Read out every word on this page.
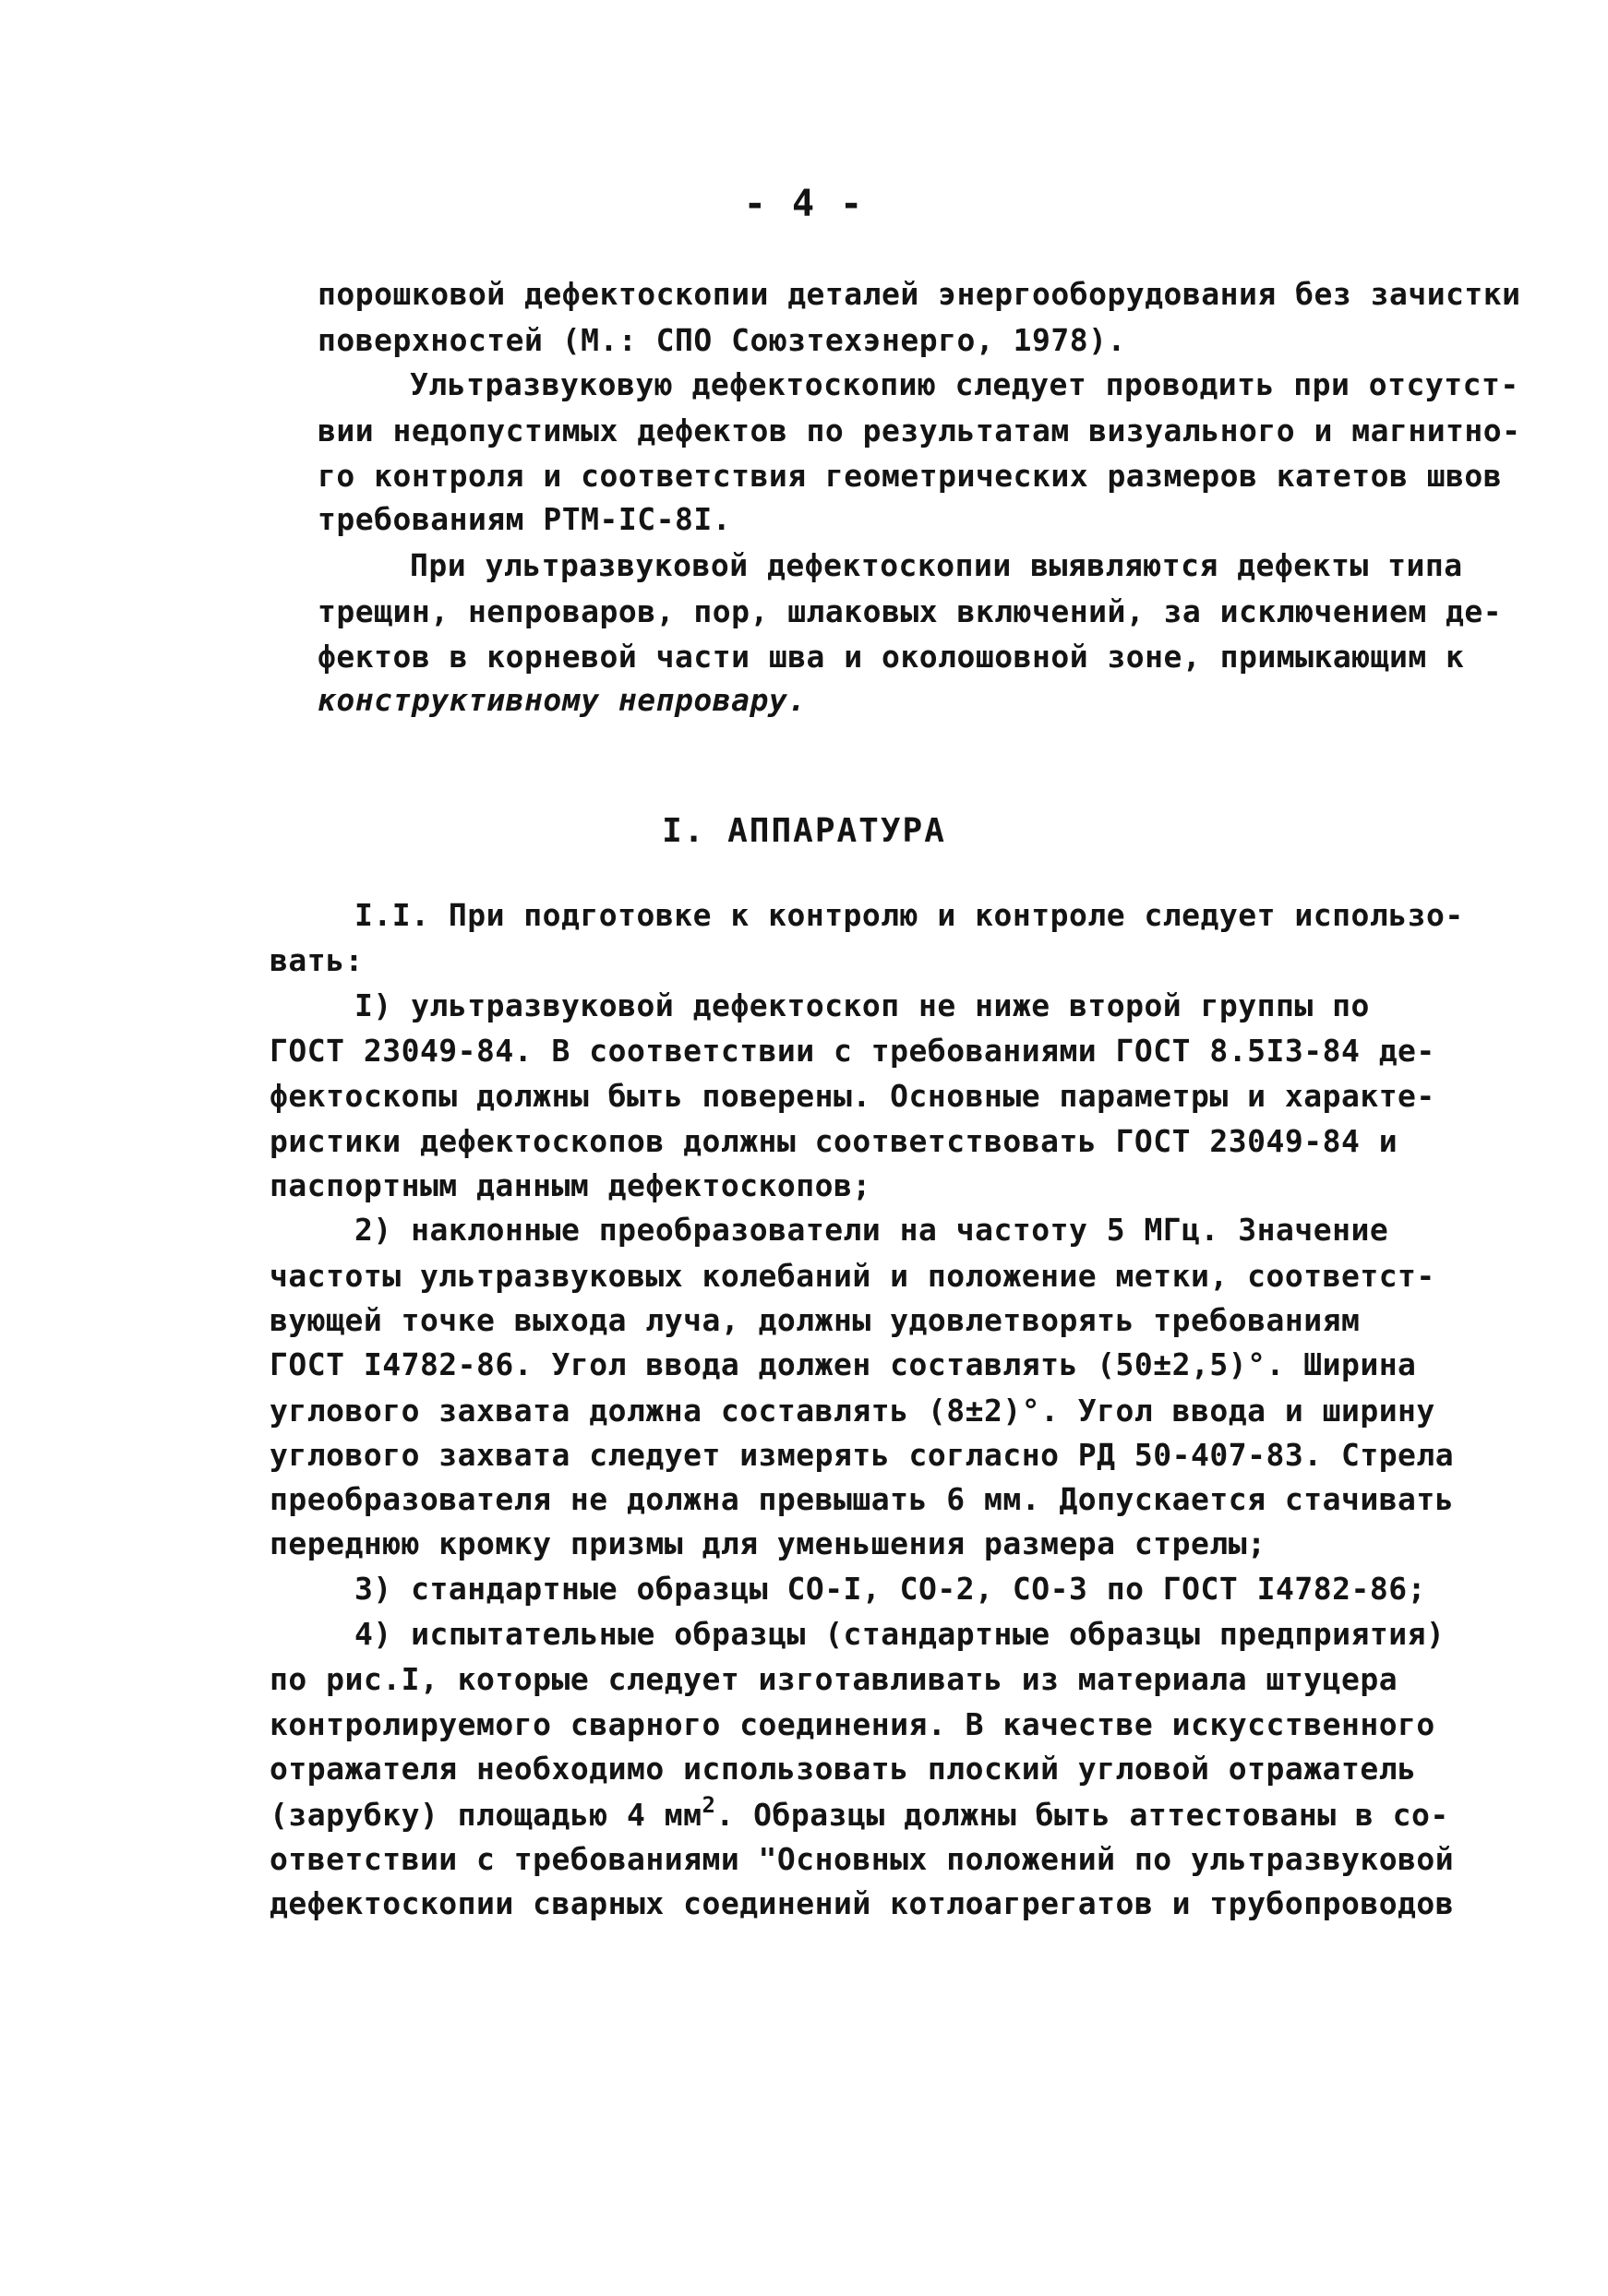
- 4 -
порошковой дефектоскопии деталей энергооборудования без зачистки
поверхностей (М.: СПО Союзтехэнерго, 1978).
Ультразвуковую дефектоскопию следует проводить при отсутст-
вии недопустимых дефектов по результатам визуального и магнитно-
го контроля и соответствия геометрических размеров катетов швов
требованиям РТМ-IС-8I.
При ультразвуковой дефектоскопии выявляются дефекты типа
трещин, непроваров, пор, шлаковых включений, за исключением де-
фектов в корневой части шва и околошовной зоне, примыкающим к
конструктивному непровару.
I. АППАРАТУРА
I.I. При подготовке к контролю и контроле следует использо-
вать:
I) ультразвуковой дефектоскоп не ниже второй группы по
ГОСТ 23049-84. В соответствии с требованиями ГОСТ 8.5I3-84 де-
фектоскопы должны быть поверены. Основные параметры и характе-
ристики дефектоскопов должны соответствовать ГОСТ 23049-84 и
паспортным данным дефектоскопов;
2) наклонные преобразователи на частоту 5 МГц. Значение
частоты ультразвуковых колебаний и положение метки, соответст-
вующей точке выхода луча, должны удовлетворять требованиям
ГОСТ I4782-86. Угол ввода должен составлять (50±2,5)°. Ширина
углового захвата должна составлять (8±2)°. Угол ввода и ширину
углового захвата следует измерять согласно РД 50-407-83. Стрела
преобразователя не должна превышать 6 мм. Допускается стачивать
переднюю кромку призмы для уменьшения размера стрелы;
3) стандартные образцы СО-I, СО-2, СО-3 по ГОСТ I4782-86;
4) испытательные образцы (стандартные образцы предприятия)
по рис.I, которые следует изготавливать из материала штуцера
контролируемого сварного соединения. В качестве искусственного
отражателя необходимо использовать плоский угловой отражатель
(зарубку) площадью 4 $мм^2$. Образцы должны быть аттестованы в со-
ответствии с требованиями "Основных положений по ультразвуковой
дефектоскопии сварных соединений котлоагрегатов и трубопроводов
